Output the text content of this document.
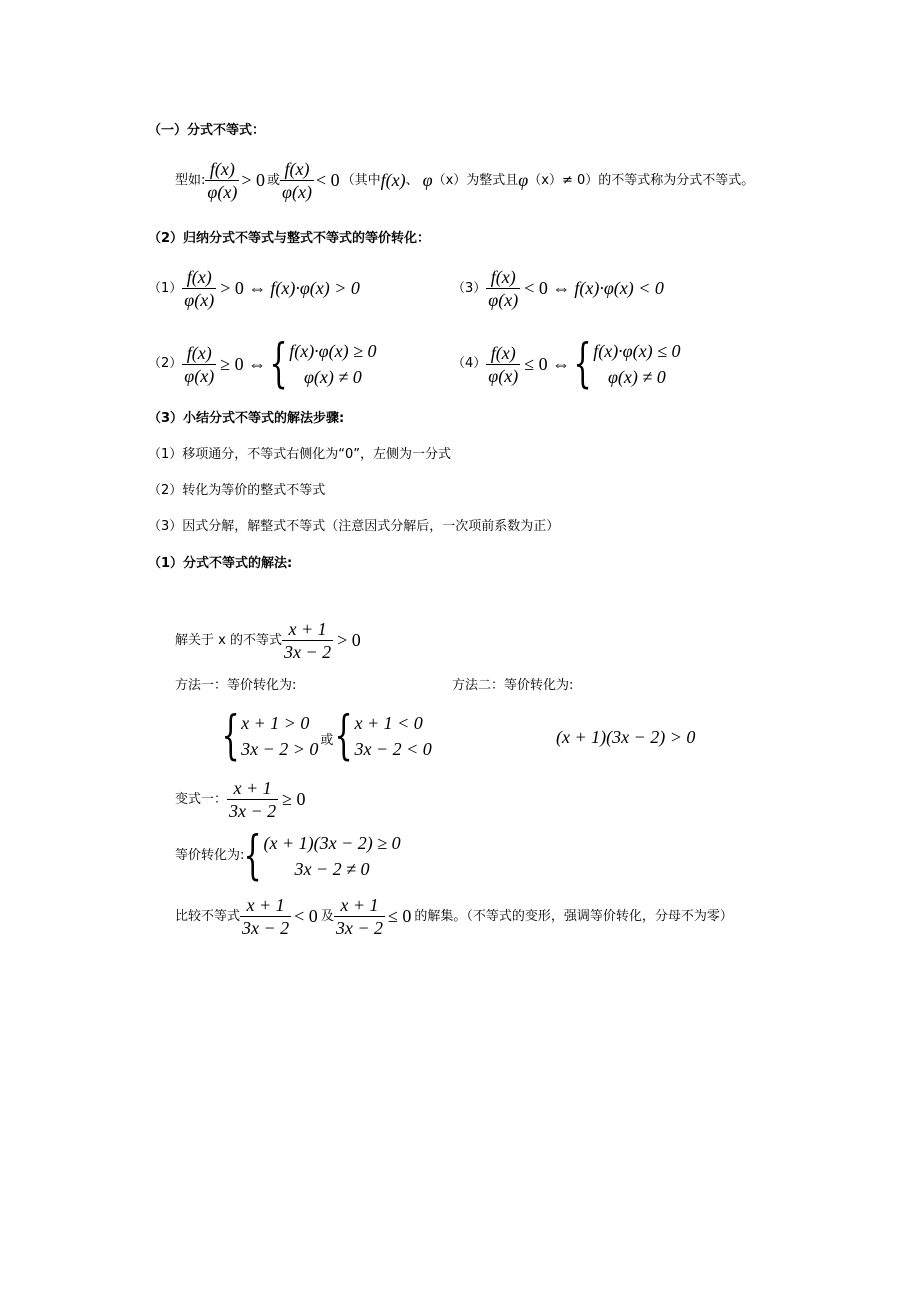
（一）分式不等式：
型如: $\frac{f(x)}{\varphi(x)} > 0$ 或 $\frac{f(x)}{\varphi(x)} < 0$ （其中 f(x) 、 φ （x）为整式且 φ （x）≠ 0 ）的不等式称为分式不等式。
（2）归纳分式不等式与整式不等式的等价转化：
$(1) \frac{f(x)}{\varphi(x)} > 0$ ⇔ f(x)·φ(x) > 0	$(3) \frac{f(x)}{\varphi(x)} < 0$ ⇔ f(x)·φ(x) < 0
$(2) \frac{f(x)}{\varphi(x)} \ge 0$ ⇔ { f(x)·φ(x) ≥ 0
φ(x) ≠ 0
$(4) \frac{f(x)}{\varphi(x)} \le 0$ ⇔ { f(x)·φ(x) ≤ 0
φ(x) ≠ 0
（3）小结分式不等式的解法步骤:
（1）移项通分，不等式右侧化为“0”，左侧为一分式
（2）转化为等价的整式不等式
（3）因式分解，解整式不等式（注意因式分解后，一次项前系数为正）
（1）分式不等式的解法:
解关于 x 的不等式 $\frac{x + 1}{3x - 2} > 0$
方法一：等价转化为:	方法二：等价转化为:
{ x + 1 > 0
3x − 2 > 0 或 { x + 1 < 0
3x − 2 < 0
(x + 1)(3x − 2) > 0
变式一： $\frac{x + 1}{3x - 2} \ge 0$
等价转化为: { (x + 1)(3x − 2) ≥ 0
3x − 2 ≠ 0
比较不等式 $\frac{x + 1}{3x - 2} < 0$ 及 $\frac{x + 1}{3x - 2} \le 0$ 的解集。（不等式的变形，强调等价转化，分母不为零）
